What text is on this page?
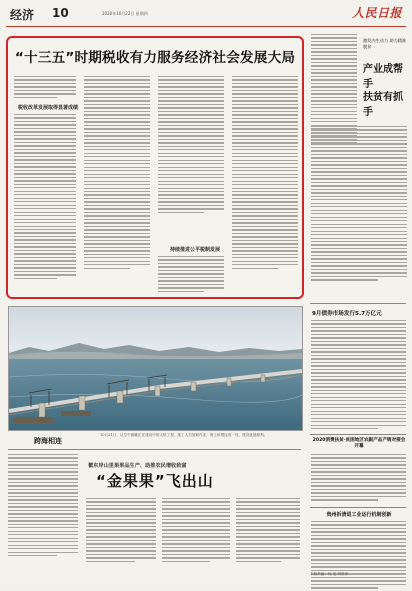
经济 10	2020年10月22日 星期四	人民日报
“十三五”时期税收有力服务经济社会发展大局
税收改革发展取得显著成绩
持续推进公平税制发展
激发内生动力 助力精准脱贫
产业成帮手
扶贫有抓手
跨海相连
10月21日，从空中俯瞰正在建设中的大桥工程，施工人员加紧作业，海上桥墩连成一线，建设进展顺利。
瞿东岸山里果果品生产、助推农民增收致富
“金果果”飞出山
9月债券市场发行5.7万亿元
2020消费扶贫·贫困地区农副产品产销对接会开幕
贵州拆清退工业运行机制创新
本版责编：杨 旭 刘维涛
